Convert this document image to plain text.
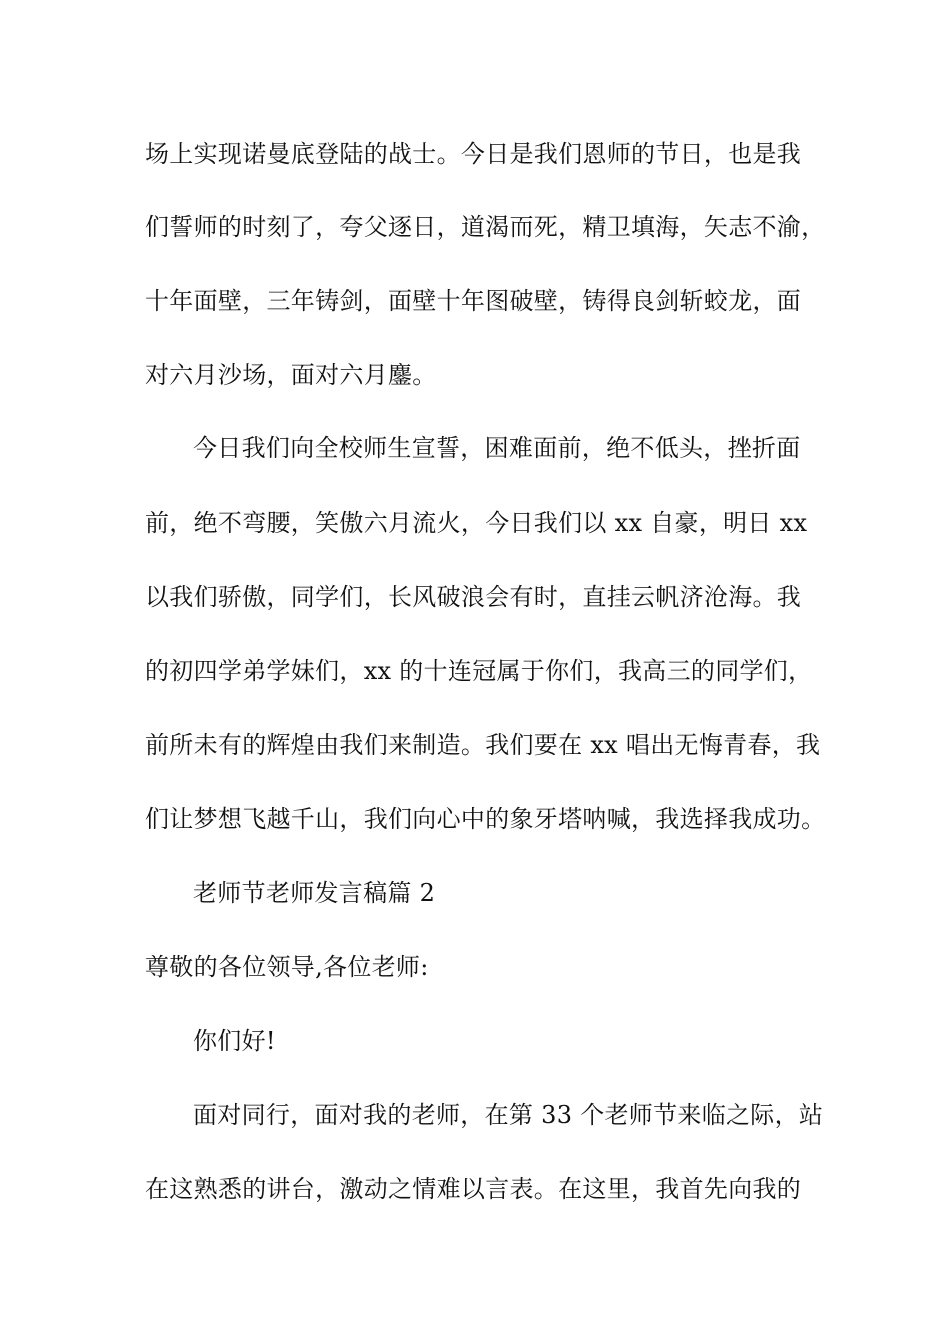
场上实现诺曼底登陆的战士。今日是我们恩师的节日，也是我
们誓师的时刻了，夸父逐日，道渴而死，精卫填海，矢志不渝，
十年面壁，三年铸剑，面壁十年图破壁，铸得良剑斩蛟龙，面
对六月沙场，面对六月鏖。
今日我们向全校师生宣誓，困难面前，绝不低头，挫折面
前，绝不弯腰，笑傲六月流火，今日我们以 xx 自豪，明日 xx
以我们骄傲，同学们，长风破浪会有时，直挂云帆济沧海。我
的初四学弟学妹们，xx 的十连冠属于你们，我高三的同学们，
前所未有的辉煌由我们来制造。我们要在 xx 唱出无悔青春，我
们让梦想飞越千山，我们向心中的象牙塔呐喊，我选择我成功。
老师节老师发言稿篇 2
尊敬的各位领导,各位老师:
你们好!
面对同行，面对我的老师，在第 33 个老师节来临之际，站
在这熟悉的讲台，激动之情难以言表。在这里，我首先向我的
